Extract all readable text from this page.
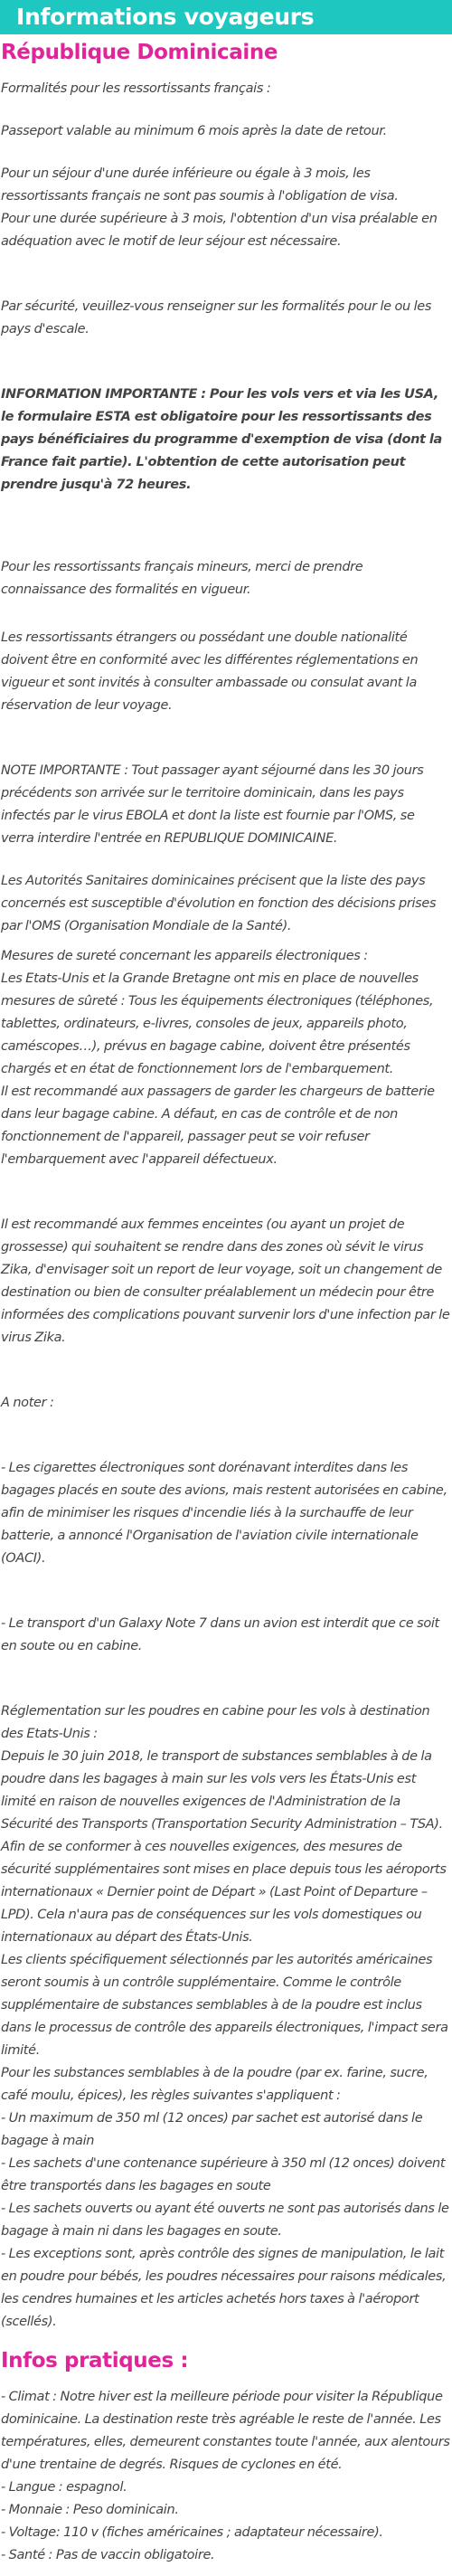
Informations voyageurs
République Dominicaine

Formalités pour les ressortissants français :

Passeport valable au minimum 6 mois après la date de retour.

Pour un séjour d'une durée inférieure ou égale à 3 mois, les ressortissants français ne sont pas soumis à l'obligation de visa.

Pour une durée supérieure à 3 mois, l'obtention d'un visa préalable en adéquation avec le motif de leur séjour est nécessaire.

Par sécurité, veuillez-vous renseigner sur les formalités pour le ou les pays d'escale.

INFORMATION IMPORTANTE : Pour les vols vers et via les USA, le formulaire ESTA est obligatoire pour les ressortissants des pays bénéficiaires du programme d'exemption de visa (dont la France fait partie). L'obtention de cette autorisation peut prendre jusqu'à 72 heures.

Pour les ressortissants français mineurs, merci de prendre connaissance des formalités en vigueur.

Les ressortissants étrangers ou possédant une double nationalité doivent être en conformité avec les différentes réglementations en vigueur et sont invités à consulter ambassade ou consulat avant la réservation de leur voyage.

NOTE IMPORTANTE : Tout passager ayant séjourné dans les 30 jours précédents son arrivée sur le territoire dominicain, dans les pays infectés par le virus EBOLA et dont la liste est fournie par l'OMS, se verra interdire l'entrée en REPUBLIQUE DOMINICAINE.

Les Autorités Sanitaires dominicaines précisent que la liste des pays concernés est susceptible d'évolution en fonction des décisions prises par l'OMS (Organisation Mondiale de la Santé).

Mesures de sureté concernant les appareils électroniques :

Les Etats-Unis et la Grande Bretagne ont mis en place de nouvelles mesures de sûreté : Tous les équipements électroniques (téléphones, tablettes, ordinateurs, e-livres, consoles de jeux, appareils photo, caméscopes…), prévus en bagage cabine, doivent être présentés chargés et en état de fonctionnement lors de l'embarquement.

Il est recommandé aux passagers de garder les chargeurs de batterie dans leur bagage cabine. A défaut, en cas de contrôle et de non fonctionnement de l'appareil, passager peut se voir refuser l'embarquement avec l'appareil défectueux.

Il est recommandé aux femmes enceintes (ou ayant un projet de grossesse) qui souhaitent se rendre dans des zones où sévit le virus Zika, d'envisager soit un report de leur voyage, soit un changement de destination ou bien de consulter préalablement un médecin pour être informées des complications pouvant survenir lors d'une infection par le virus Zika.

A noter :

- Les cigarettes électroniques sont dorénavant interdites dans les bagages placés en soute des avions, mais restent autorisées en cabine, afin de minimiser les risques d'incendie liés à la surchauffe de leur batterie, a annoncé l'Organisation de l'aviation civile internationale (OACI).

- Le transport d'un Galaxy Note 7 dans un avion est interdit que ce soit en soute ou en cabine.

Réglementation sur les poudres en cabine pour les vols à destination des Etats-Unis :

Depuis le 30 juin 2018, le transport de substances semblables à de la poudre dans les bagages à main sur les vols vers les États-Unis est limité en raison de nouvelles exigences de l'Administration de la Sécurité des Transports (Transportation Security Administration – TSA).

Afin de se conformer à ces nouvelles exigences, des mesures de sécurité supplémentaires sont mises en place depuis tous les aéroports internationaux « Dernier point de Départ » (Last Point of Departure – LPD). Cela n'aura pas de conséquences sur les vols domestiques ou internationaux au départ des États-Unis.

Les clients spécifiquement sélectionnés par les autorités américaines seront soumis à un contrôle supplémentaire. Comme le contrôle supplémentaire de substances semblables à de la poudre est inclus dans le processus de contrôle des appareils électroniques, l'impact sera limité.

Pour les substances semblables à de la poudre (par ex. farine, sucre, café moulu, épices), les règles suivantes s'appliquent :

- Un maximum de 350 ml (12 onces) par sachet est autorisé dans le bagage à main

- Les sachets d'une contenance supérieure à 350 ml (12 onces) doivent être transportés dans les bagages en soute

- Les sachets ouverts ou ayant été ouverts ne sont pas autorisés dans le bagage à main ni dans les bagages en soute.

- Les exceptions sont, après contrôle des signes de manipulation, le lait en poudre pour bébés, les poudres nécessaires pour raisons médicales, les cendres humaines et les articles achetés hors taxes à l'aéroport (scellés).

Infos pratiques :

- Climat : Notre hiver est la meilleure période pour visiter la République dominicaine. La destination reste très agréable le reste de l'année. Les températures, elles, demeurent constantes toute l'année, aux alentours d'une trentaine de degrés. Risques de cyclones en été.

- Langue : espagnol.

- Monnaie : Peso dominicain.

- Voltage: 110 v (fiches américaines ; adaptateur nécessaire).

- Santé : Pas de vaccin obligatoire.
